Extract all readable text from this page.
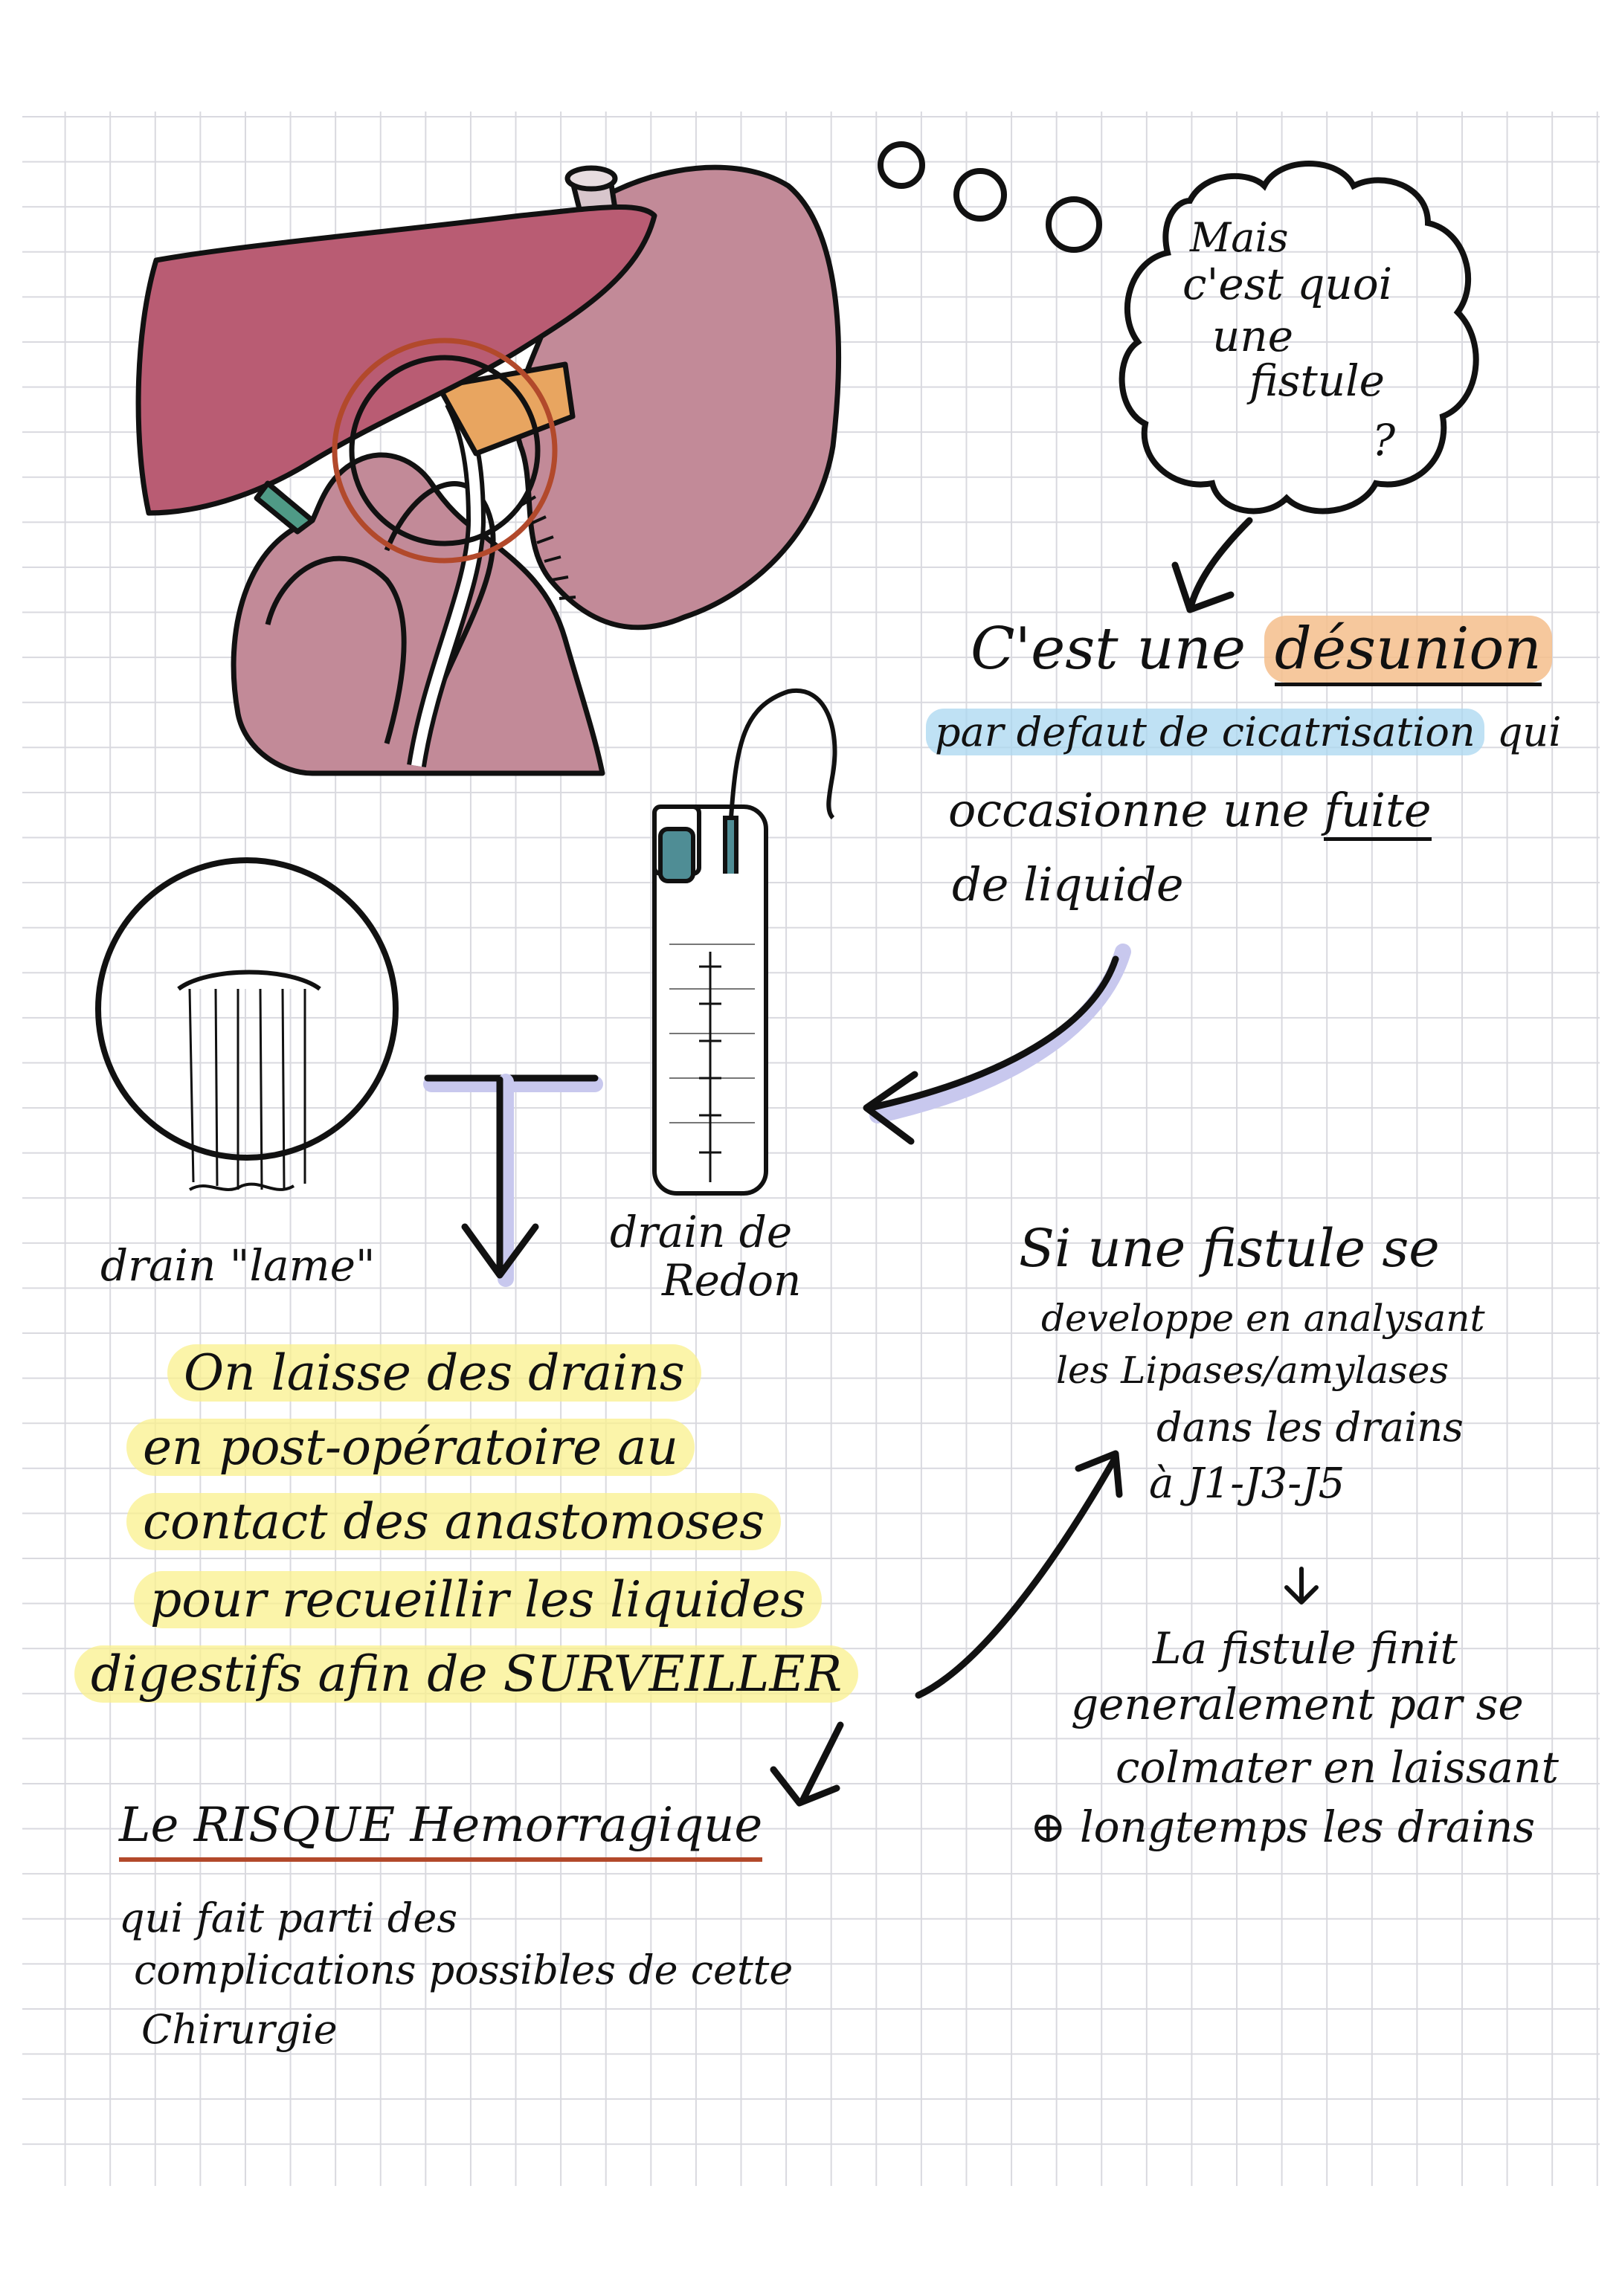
Mais
c'est quoi
une
fistule
?
C'est une désunion
par defaut de cicatrisation qui
occasionne une fuite
de liquide
drain "lame"
drain de
Redon
On laisse des drains
en post-opératoire au
contact des anastomoses
pour recueillir les liquides
digestifs afin de SURVEILLER
Le RISQUE Hemorragique
qui fait parti des
complications possibles de cette
Chirurgie
Si une fistule se
developpe en analysant
les Lipases/amylases
dans les drains
à J1-J3-J5
La fistule finit
generalement par se
colmater en laissant
⊕ longtemps les drains
